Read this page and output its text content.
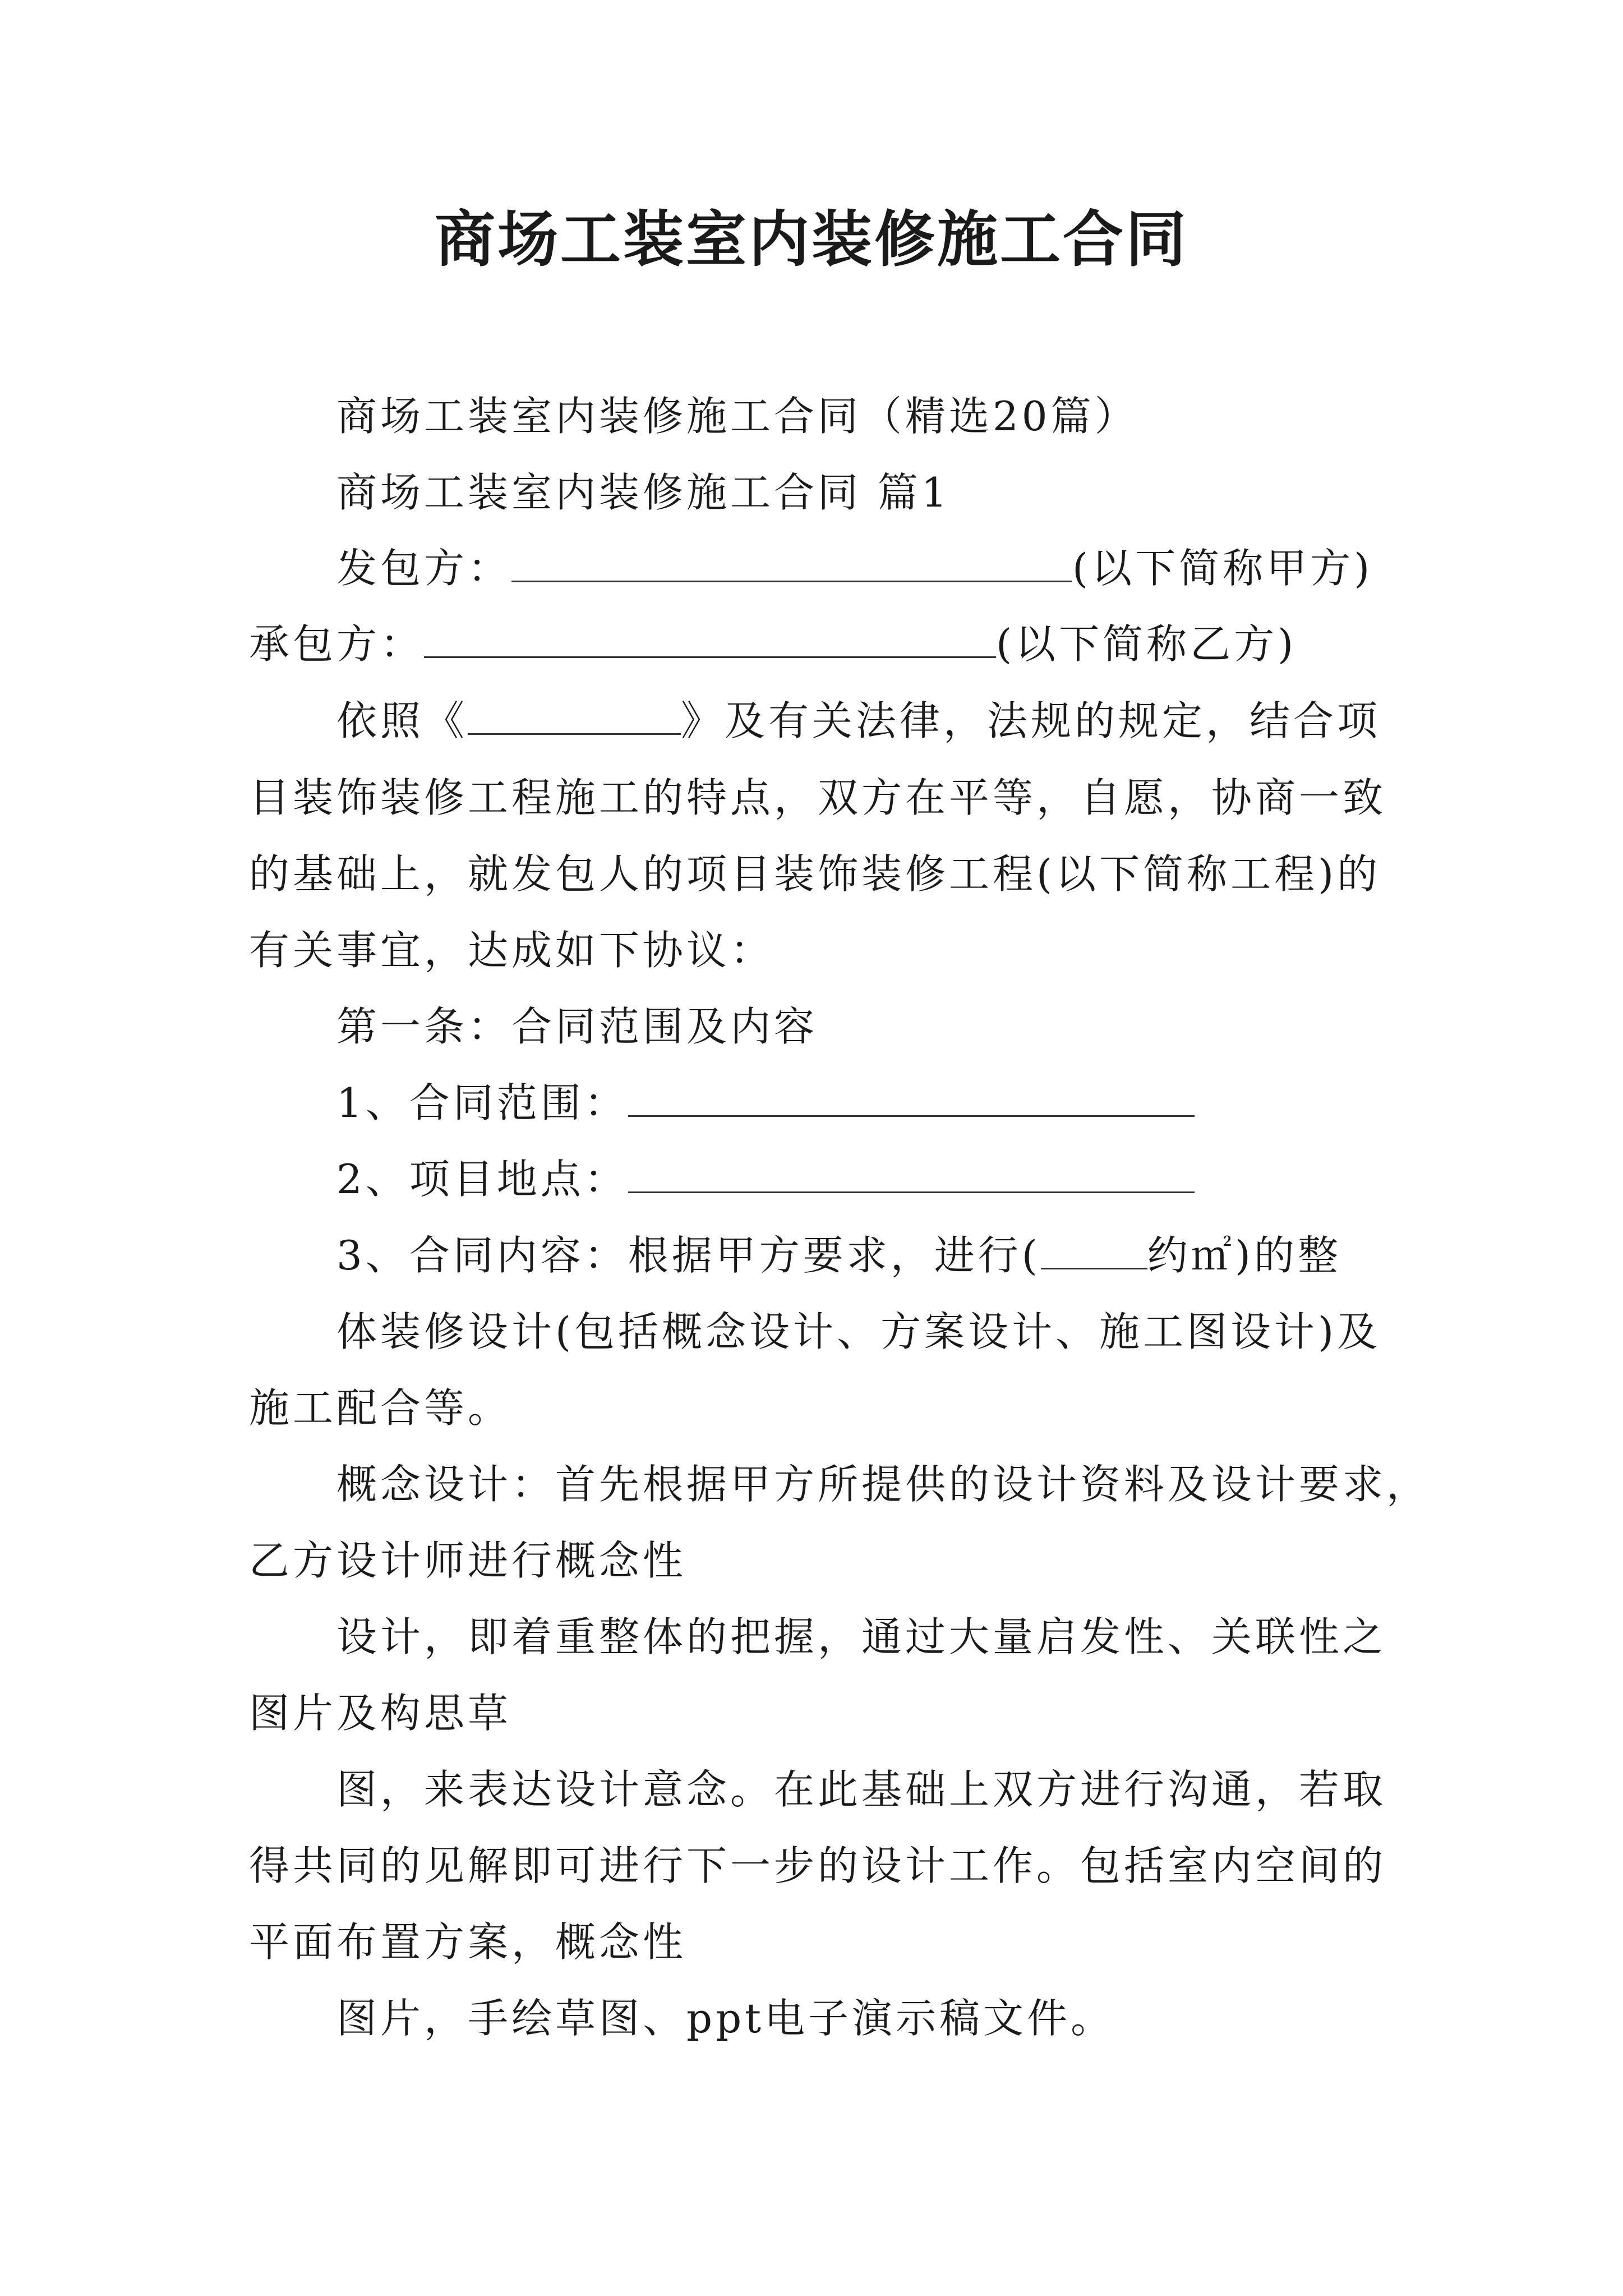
商场工装室内装修施工合同
商场工装室内装修施工合同（精选20篇）
商场工装室内装修施工合同 篇1
发包方：	(以下简称甲方)
承包方：	(以下简称乙方)
依照《	》及有关法律，法规的规定，结合项
目装饰装修工程施工的特点，双方在平等，自愿，协商一致
的基础上，就发包人的项目装饰装修工程(以下简称工程)的
有关事宜，达成如下协议：
第一条：合同范围及内容
1、合同范围：
2、项目地点：
3、合同内容：根据甲方要求，进行(	约㎡)的整
体装修设计(包括概念设计、方案设计、施工图设计)及
施工配合等。
概念设计：首先根据甲方所提供的设计资料及设计要求，
乙方设计师进行概念性
设计，即着重整体的把握，通过大量启发性、关联性之
图片及构思草
图，来表达设计意念。在此基础上双方进行沟通，若取
得共同的见解即可进行下一步的设计工作。包括室内空间的
平面布置方案，概念性
图片，手绘草图、ppt电子演示稿文件。
